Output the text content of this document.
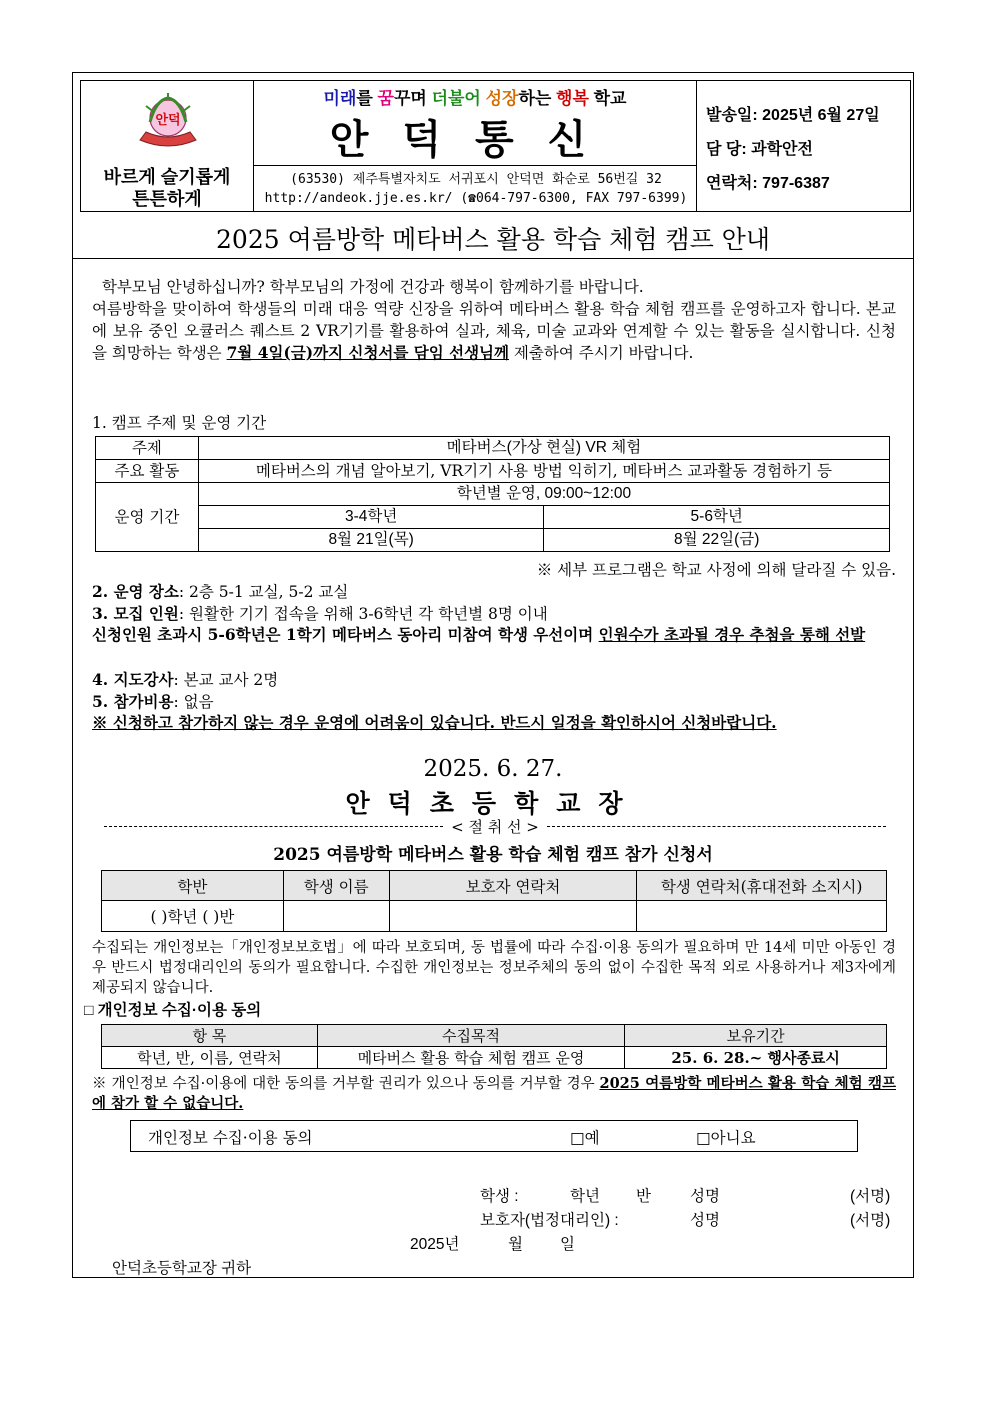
안덕
바르게 슬기롭게
튼튼하게
미래를 꿈꾸며 더불어 성장하는 행복 학교
안덕통신
(63530) 제주특별자치도 서귀포시 안덕면 화순로 56번길 32
http://andeok.jje.es.kr/ (☎064-797-6300, FAX 797-6399)
발송일: 2025년 6월 27일
담 당: 과학안전
연락처: 797-6387
2025 여름방학 메타버스 활용 학습 체험 캠프 안내
학부모님 안녕하십니까? 학부모님의 가정에 건강과 행복이 함께하기를 바랍니다.
여름방학을 맞이하여 학생들의 미래 대응 역량 신장을 위하여 메타버스 활용 학습 체험 캠프를 운영하고자 합니다. 본교에 보유 중인 오큘러스 퀘스트 2 VR기기를 활용하여 실과, 체육, 미술 교과와 연계할 수 있는 활동을 실시합니다. 신청을 희망하는 학생은 7월 4일(금)까지 신청서를 담임 선생님께 제출하여 주시기 바랍니다.
1. 캠프 주제 및 운영 기간
주제	메타버스(가상 현실) VR 체험	
주요 활동	메타버스의 개념 알아보기, VR기기 사용 방법 익히기, 메타버스 교과활동 경험하기 등	
운영 기간	학년별 운영, 09:00~12:00	
	3-4학년	5-6학년
	8월 21일(목)	8월 22일(금)
※ 세부 프로그램은 학교 사정에 의해 달라질 수 있음.
2. 운영 장소: 2층 5-1 교실, 5-2 교실
3. 모집 인원: 원활한 기기 접속을 위해 3-6학년 각 학년별 8명 이내
신청인원 초과시 5-6학년은 1학기 메타버스 동아리 미참여 학생 우선이며 인원수가 초과될 경우 추첨을 통해 선발
4. 지도강사: 본교 교사 2명
5. 참가비용: 없음
※ 신청하고 참가하지 않는 경우 운영에 어려움이 있습니다. 반드시 일정을 확인하시어 신청바랍니다.
2025. 6. 27.
안덕초등학교장
< 절 취 선 >
2025 여름방학 메타버스 활용 학습 체험 캠프 참가 신청서
학반	학생 이름	보호자 연락처	학생 연락처(휴대전화 소지시)
( )학년 ( )반			
수집되는 개인정보는「개인정보보호법」에 따라 보호되며, 동 법률에 따라 수집·이용 동의가 필요하며 만 14세 미만 아동인 경우 반드시 법정대리인의 동의가 필요합니다. 수집한 개인정보는 정보주체의 동의 없이 수집한 목적 외로 사용하거나 제3자에게 제공되지 않습니다.
□ 개인정보 수집·이용 동의
항 목	수집목적	보유기간
학년, 반, 이름, 연락처	메타버스 활용 학습 체험 캠프 운영	25. 6. 28.~ 행사종료시
※ 개인정보 수집·이용에 대한 동의를 거부할 권리가 있으나 동의를 거부할 경우 2025 여름방학 메타버스 활용 학습 체험 캠프에 참가 할 수 없습니다.
개인정보 수집·이용 동의	□예	□아니요
학생 :	학년 반	성명	(서명)
보호자(법정대리인) :	성명	(서명)
2025년	월 일
안덕초등학교장 귀하
